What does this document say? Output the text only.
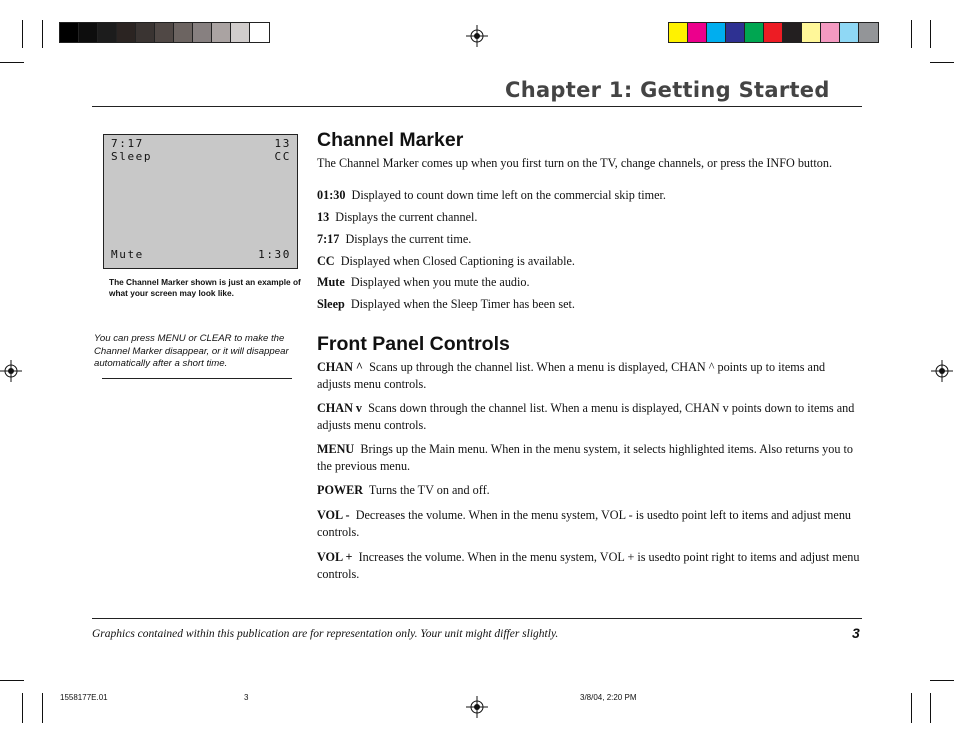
Chapter 1: Getting Started
7:17	13
Sleep	CC
Mute	1:30
The Channel Marker shown is just an example of what your screen may look like.
You can press MENU or CLEAR to make the Channel Marker disappear, or it will disappear automatically after a short time.
Channel Marker
The Channel Marker comes up when you first turn on the TV, change channels, or press the INFO button.
01:30  Displayed to count down time left on the commercial skip timer.
13  Displays the current channel.
7:17  Displays the current time.
CC  Displayed when Closed Captioning is available.
Mute  Displayed when you mute the audio.
Sleep  Displayed when the Sleep Timer has been set.
Front Panel Controls
CHAN ^  Scans up through the channel list. When a menu is displayed, CHAN ^ points up to items and adjusts menu controls.
CHAN v  Scans down through the channel list. When a menu is displayed, CHAN v points down to items and adjusts menu controls.
MENU  Brings up the Main menu. When in the menu system, it selects highlighted items. Also returns you to the previous menu.
POWER  Turns the TV on and off.
VOL -  Decreases the volume. When in the menu system, VOL - is usedto point left to items and adjust menu controls.
VOL +  Increases the volume. When in the menu system, VOL + is usedto point right to items and adjust menu controls.
Graphics contained within this publication are for representation only. Your unit might differ slightly.	3
1558177E.01	3	3/8/04, 2:20 PM
